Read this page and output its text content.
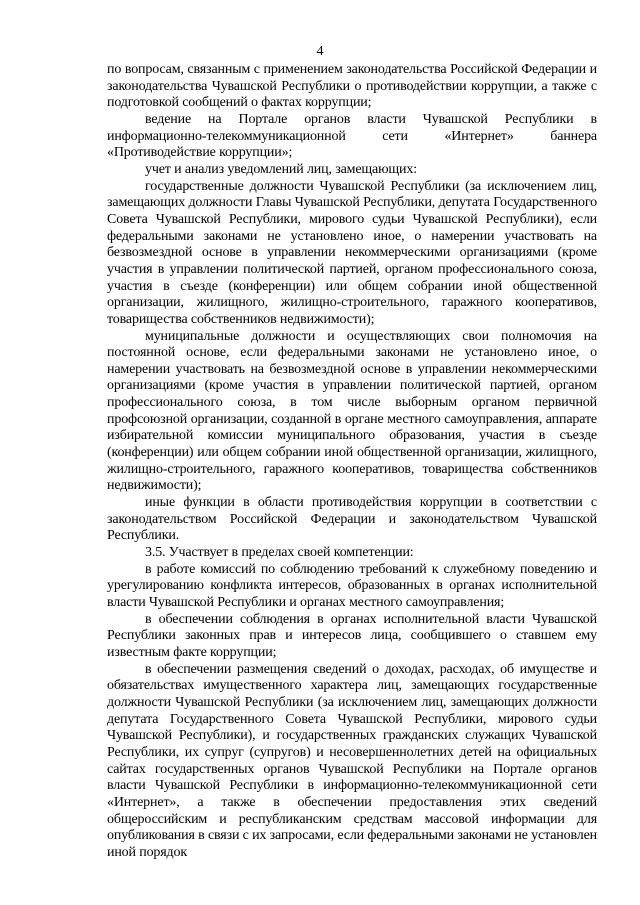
4

по вопросам, связанным с применением законодательства Российской Федерации и законодательства Чувашской Республики о противодействии коррупции, а также с подготовкой сообщений о фактах коррупции;

ведение на Портале органов власти Чувашской Республики в информационно-телекоммуникационной сети «Интернет» баннера «Противодействие коррупции»;

учет и анализ уведомлений лиц, замещающих:

государственные должности Чувашской Республики (за исключением лиц, замещающих должности Главы Чувашской Республики, депутата Государственного Совета Чувашской Республики, мирового судьи Чувашской Республики), если федеральными законами не установлено иное, о намерении участвовать на безвозмездной основе в управлении некоммерческими организациями (кроме участия в управлении политической партией, органом профессионального союза, участия в съезде (конференции) или общем собрании иной общественной организации, жилищного, жилищно-строительного, гаражного кооперативов, товарищества собственников недвижимости);

муниципальные должности и осуществляющих свои полномочия на постоянной основе, если федеральными законами не установлено иное, о намерении участвовать на безвозмездной основе в управлении некоммерческими организациями (кроме участия в управлении политической партией, органом профессионального союза, в том числе выборным органом первичной профсоюзной организации, созданной в органе местного самоуправления, аппарате избирательной комиссии муниципального образования, участия в съезде (конференции) или общем собрании иной общественной организации, жилищного, жилищно-строительного, гаражного кооперативов, товарищества собственников недвижимости);

иные функции в области противодействия коррупции в соответствии с законодательством Российской Федерации и законодательством Чувашской Республики.

3.5. Участвует в пределах своей компетенции:

в работе комиссий по соблюдению требований к служебному поведению и урегулированию конфликта интересов, образованных в органах исполнительной власти Чувашской Республики и органах местного самоуправления;

в обеспечении соблюдения в органах исполнительной власти Чувашской Республики законных прав и интересов лица, сообщившего о ставшем ему известным факте коррупции;

в обеспечении размещения сведений о доходах, расходах, об имуществе и обязательствах имущественного характера лиц, замещающих государственные должности Чувашской Республики (за исключением лиц, замещающих должности депутата Государственного Совета Чувашской Республики, мирового судьи Чувашской Республики), и государственных гражданских служащих Чувашской Республики, их супруг (супругов) и несовершеннолетних детей на официальных сайтах государственных органов Чувашской Республики на Портале органов власти Чувашской Республики в информационно-телекоммуникационной сети «Интернет», а также в обеспечении предоставления этих сведений общероссийским и республиканским средствам массовой информации для опубликования в связи с их запросами, если федеральными законами не установлен иной порядок
